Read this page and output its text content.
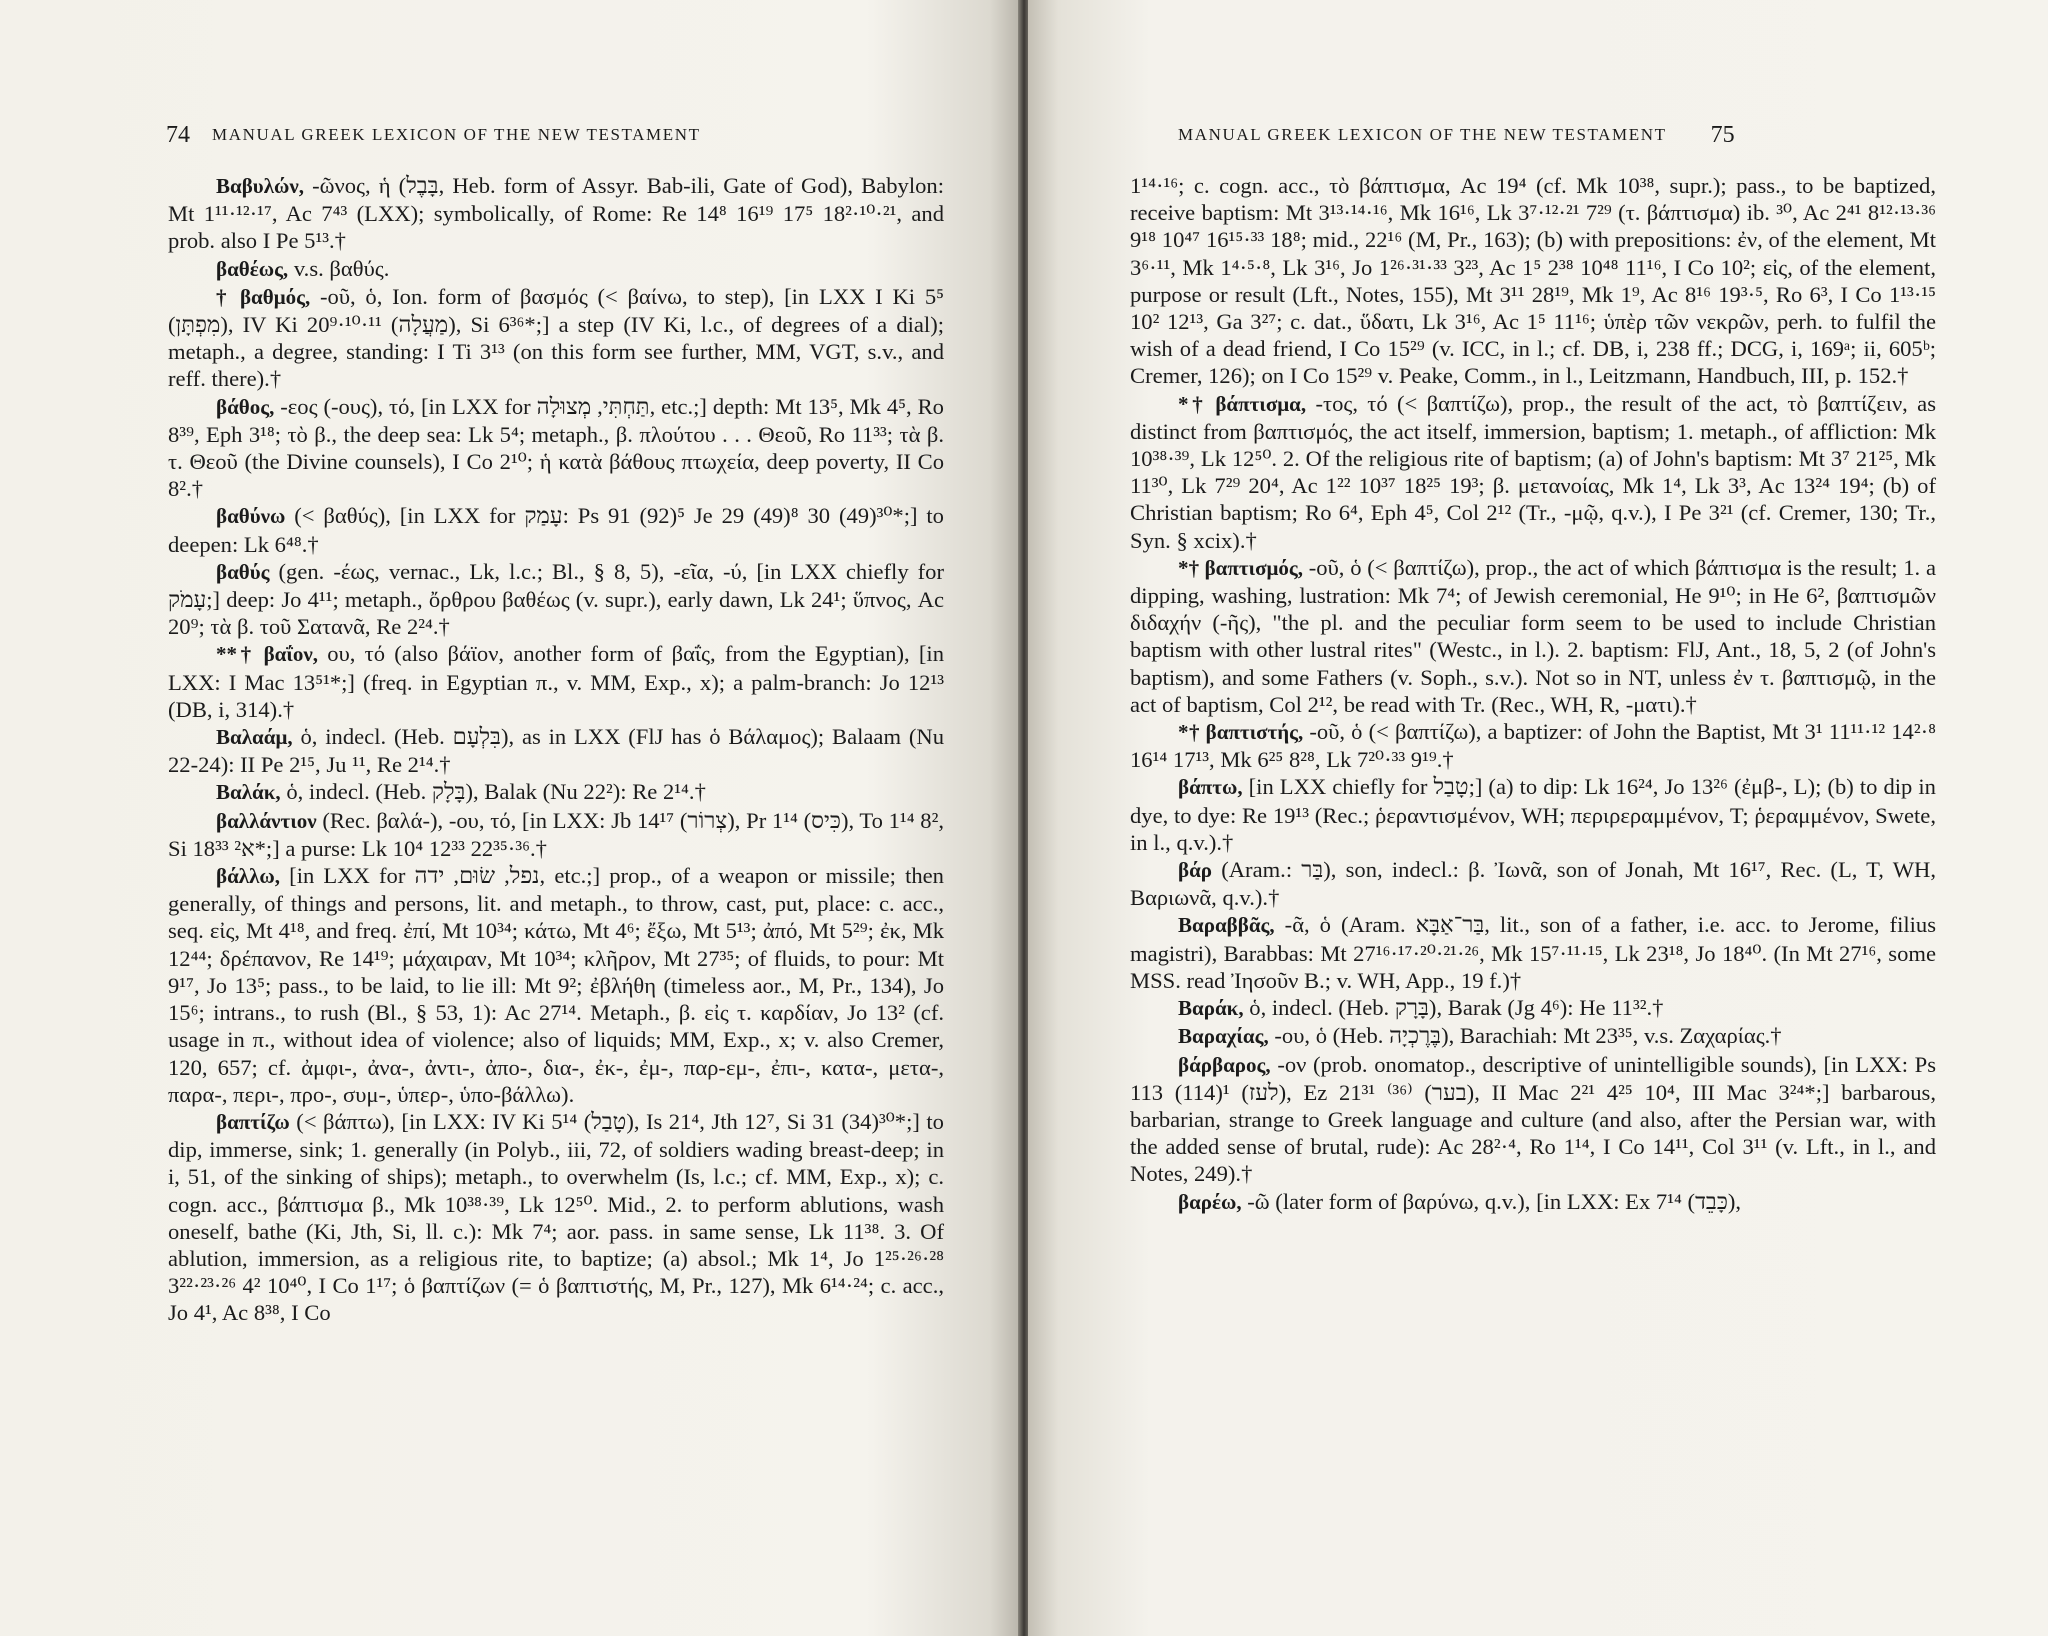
74 MANUAL GREEK LEXICON OF THE NEW TESTAMENT

Βαβυλών, -ῶνος, ἡ (בָּבֶל, Heb. form of Assyr. Bab-ili, Gate of God), Babylon: Mt 1¹¹·¹²·¹⁷, Ac 7⁴³ (LXX); symbolically, of Rome: Re 14⁸ 16¹⁹ 17⁵ 18²·¹⁰·²¹, and prob. also I Pe 5¹³.†

βαθέως, v.s. βαθύς.

† βαθμός, -οῦ, ὁ, Ion. form of βασμός (< βαίνω, to step), [in LXX I Ki 5⁵ (מִפְתָּן), IV Ki 20⁹·¹⁰·¹¹ (מַעֲלָה), Si 6³⁶*;] a step (IV Ki, l.c., of degrees of a dial); metaph., a degree, standing: I Ti 3¹³ (on this form see further, MM, VGT, s.v., and reff. there).†

βάθος, -εος (-ους), τό, [in LXX for תַּחְתִּי, מְצוּלָה, etc.;] depth: Mt 13⁵, Mk 4⁵, Ro 8³⁹, Eph 3¹⁸; τὸ β., the deep sea: Lk 5⁴; metaph., β. πλούτου . . . Θεοῦ, Ro 11³³; τὰ β. τ. Θεοῦ (the Divine counsels), I Co 2¹⁰; ἡ κατὰ βάθους πτωχεία, deep poverty, II Co 8².†

βαθύνω (< βαθύς), [in LXX for עָמַק: Ps 91 (92)⁵ Je 29 (49)⁸ 30 (49)³⁰*;] to deepen: Lk 6⁴⁸.†

βαθύς (gen. -έως, vernac., Lk, l.c.; Bl., § 8, 5), -εῖα, -ύ, [in LXX chiefly for עָמֹק;] deep: Jo 4¹¹; metaph., ὄρθρου βαθέως (v. supr.), early dawn, Lk 24¹; ὕπνος, Ac 20⁹; τὰ β. τοῦ Σατανᾶ, Re 2²⁴.†

**† βαΐον, ου, τό (also βάϊον, another form of βαΐς, from the Egyptian), [in LXX: I Mac 13⁵¹*;] (freq. in Egyptian π., v. MM, Exp., x); a palm-branch: Jo 12¹³ (DB, i, 314).†

Βαλαάμ, ὁ, indecl. (Heb. בִּלְעָם), as in LXX (FlJ has ὁ Βάλαμος); Balaam (Nu 22-24): II Pe 2¹⁵, Ju ¹¹, Re 2¹⁴.†

Βαλάκ, ὁ, indecl. (Heb. בָּלָק), Balak (Nu 22²): Re 2¹⁴.†

βαλλάντιον (Rec. βαλά-), -ου, τό, [in LXX: Jb 14¹⁷ (צְרוֹר), Pr 1¹⁴ (כִּיס), To 1¹⁴ 8², Si 18³³ א²*;] a purse: Lk 10⁴ 12³³ 22³⁵·³⁶.†

βάλλω, [in LXX for נפל, שׂוּם, ידה, etc.;] prop., of a weapon or missile; then generally, of things and persons, lit. and metaph., to throw, cast, put, place: c. acc., seq. εἰς, Mt 4¹⁸, and freq. ἐπί, Mt 10³⁴; κάτω, Mt 4⁶; ἔξω, Mt 5¹³; ἀπό, Mt 5²⁹; ἐκ, Mk 12⁴⁴; δρέπανον, Re 14¹⁹; μάχαιραν, Mt 10³⁴; κλῆρον, Mt 27³⁵; of fluids, to pour: Mt 9¹⁷, Jo 13⁵; pass., to be laid, to lie ill: Mt 9²; ἐβλήθη (timeless aor., M, Pr., 134), Jo 15⁶; intrans., to rush (Bl., § 53, 1): Ac 27¹⁴. Metaph., β. εἰς τ. καρδίαν, Jo 13² (cf. usage in π., without idea of violence; also of liquids; MM, Exp., x; v. also Cremer, 120, 657; cf. ἀμφι-, ἀνα-, ἀντι-, ἀπο-, δια-, ἐκ-, ἐμ-, παρ-εμ-, ἐπι-, κατα-, μετα-, παρα-, περι-, προ-, συμ-, ὑπερ-, ὑπο-βάλλω).

βαπτίζω (< βάπτω), [in LXX: IV Ki 5¹⁴ (טָבַל), Is 21⁴, Jth 12⁷, Si 31 (34)³⁰*;] to dip, immerse, sink; 1. generally (in Polyb., iii, 72, of soldiers wading breast-deep; in i, 51, of the sinking of ships); metaph., to overwhelm (Is, l.c.; cf. MM, Exp., x); c. cogn. acc., βάπτισμα β., Mk 10³⁸·³⁹, Lk 12⁵⁰. Mid., 2. to perform ablutions, wash oneself, bathe (Ki, Jth, Si, ll. c.): Mk 7⁴; aor. pass. in same sense, Lk 11³⁸. 3. Of ablution, immersion, as a religious rite, to baptize; (a) absol.; Mk 1⁴, Jo 1²⁵·²⁶·²⁸ 3²²·²³·²⁶ 4² 10⁴⁰, I Co 1¹⁷; ὁ βαπτίζων (= ὁ βαπτιστής, M, Pr., 127), Mk 6¹⁴·²⁴; c. acc., Jo 4¹, Ac 8³⁸, I Co

MANUAL GREEK LEXICON OF THE NEW TESTAMENT 75

1¹⁴·¹⁶; c. cogn. acc., τὸ βάπτισμα, Ac 19⁴ (cf. Mk 10³⁸, supr.); pass., to be baptized, receive baptism: Mt 3¹³·¹⁴·¹⁶, Mk 16¹⁶, Lk 3⁷·¹²·²¹ 7²⁹ (τ. βάπτισμα) ib. ³⁰, Ac 2⁴¹ 8¹²·¹³·³⁶ 9¹⁸ 10⁴⁷ 16¹⁵·³³ 18⁸; mid., 22¹⁶ (M, Pr., 163); (b) with prepositions: ἐν, of the element, Mt 3⁶·¹¹, Mk 1⁴·⁵·⁸, Lk 3¹⁶, Jo 1²⁶·³¹·³³ 3²³, Ac 1⁵ 2³⁸ 10⁴⁸ 11¹⁶, I Co 10²; εἰς, of the element, purpose or result (Lft., Notes, 155), Mt 3¹¹ 28¹⁹, Mk 1⁹, Ac 8¹⁶ 19³·⁵, Ro 6³, I Co 1¹³·¹⁵ 10² 12¹³, Ga 3²⁷; c. dat., ὕδατι, Lk 3¹⁶, Ac 1⁵ 11¹⁶; ὑπὲρ τῶν νεκρῶν, perh. to fulfil the wish of a dead friend, I Co 15²⁹ (v. ICC, in l.; cf. DB, i, 238 ff.; DCG, i, 169ᵃ; ii, 605ᵇ; Cremer, 126); on I Co 15²⁹ v. Peake, Comm., in l., Leitzmann, Handbuch, III, p. 152.†

*† βάπτισμα, -τος, τό (< βαπτίζω), prop., the result of the act, τὸ βαπτίζειν, as distinct from βαπτισμός, the act itself, immersion, baptism; 1. metaph., of affliction: Mk 10³⁸·³⁹, Lk 12⁵⁰. 2. Of the religious rite of baptism; (a) of John's baptism: Mt 3⁷ 21²⁵, Mk 11³⁰, Lk 7²⁹ 20⁴, Ac 1²² 10³⁷ 18²⁵ 19³; β. μετανοίας, Mk 1⁴, Lk 3³, Ac 13²⁴ 19⁴; (b) of Christian baptism; Ro 6⁴, Eph 4⁵, Col 2¹² (Tr., -μῷ, q.v.), I Pe 3²¹ (cf. Cremer, 130; Tr., Syn. § xcix).†

*† βαπτισμός, -οῦ, ὁ (< βαπτίζω), prop., the act of which βάπτισμα is the result; 1. a dipping, washing, lustration: Mk 7⁴; of Jewish ceremonial, He 9¹⁰; in He 6², βαπτισμῶν διδαχήν (-ῆς), "the pl. and the peculiar form seem to be used to include Christian baptism with other lustral rites" (Westc., in l.). 2. baptism: FlJ, Ant., 18, 5, 2 (of John's baptism), and some Fathers (v. Soph., s.v.). Not so in NT, unless ἐν τ. βαπτισμῷ, in the act of baptism, Col 2¹², be read with Tr. (Rec., WH, R, -ματι).†

*† βαπτιστής, -οῦ, ὁ (< βαπτίζω), a baptizer: of John the Baptist, Mt 3¹ 11¹¹·¹² 14²·⁸ 16¹⁴ 17¹³, Mk 6²⁵ 8²⁸, Lk 7²⁰·³³ 9¹⁹.†

βάπτω, [in LXX chiefly for טָבַל;] (a) to dip: Lk 16²⁴, Jo 13²⁶ (ἐμβ-, L); (b) to dip in dye, to dye: Re 19¹³ (Rec.; ῥεραντισμένον, WH; περιρεραμμένον, T; ῥεραμμένον, Swete, in l., q.v.).†

βάρ (Aram.: בַּר), son, indecl.: β. Ἰωνᾶ, son of Jonah, Mt 16¹⁷, Rec. (L, T, WH, Βαριωνᾶ, q.v.).†

Βαραββᾶς, -ᾶ, ὁ (Aram. בַּר־אַבָּא, lit., son of a father, i.e. acc. to Jerome, filius magistri), Barabbas: Mt 27¹⁶·¹⁷·²⁰·²¹·²⁶, Mk 15⁷·¹¹·¹⁵, Lk 23¹⁸, Jo 18⁴⁰. (In Mt 27¹⁶, some MSS. read Ἰησοῦν B.; v. WH, App., 19 f.)†

Βαράκ, ὁ, indecl. (Heb. בָּרָק), Barak (Jg 4⁶): He 11³².†

Βαραχίας, -ου, ὁ (Heb. בֶּרֶכְיָה), Barachiah: Mt 23³⁵, v.s. Ζαχαρίας.†

βάρβαρος, -ον (prob. onomatop., descriptive of unintelligible sounds), [in LXX: Ps 113 (114)¹ (לעז), Ez 21³¹ ⁽³⁶⁾ (בער), II Mac 2²¹ 4²⁵ 10⁴, III Mac 3²⁴*;] barbarous, barbarian, strange to Greek language and culture (and also, after the Persian war, with the added sense of brutal, rude): Ac 28²·⁴, Ro 1¹⁴, I Co 14¹¹, Col 3¹¹ (v. Lft., in l., and Notes, 249).†

βαρέω, -ῶ (later form of βαρύνω, q.v.), [in LXX: Ex 7¹⁴ (כָּבֵד),
